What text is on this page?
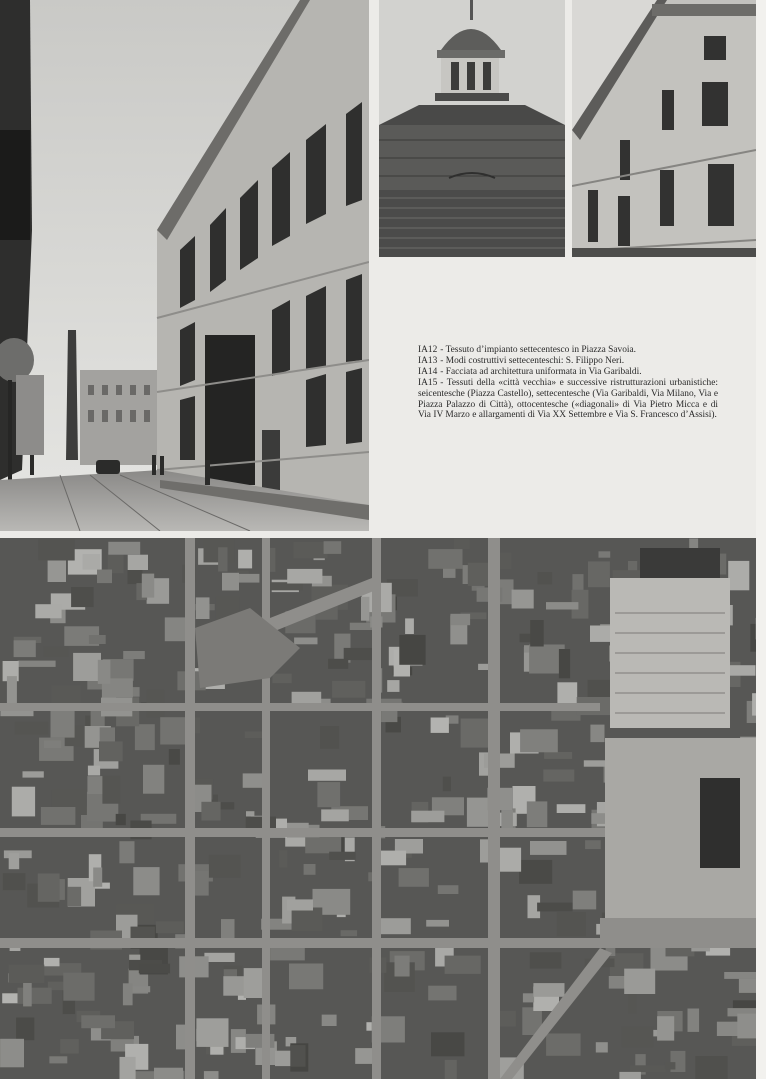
IA12 - Tessuto d’impianto settecentesco in Piazza Savoia.

IA13 - Modi costruttivi settecenteschi: S. Filippo Neri.

IA14 - Facciata ad architettura uniformata in Via Garibaldi.

IA15 - Tessuti della «città vecchia» e successive ristrutturazioni urbanistiche: seicentesche (Piazza Castello), settecentesche (Via Garibaldi, Via Milano, Via e Piazza Palazzo di Città), ottocentesche («diagonali» di Via Pietro Micca e di Via IV Marzo e allargamenti di Via XX Settembre e Via S. Francesco d’Assisi).
